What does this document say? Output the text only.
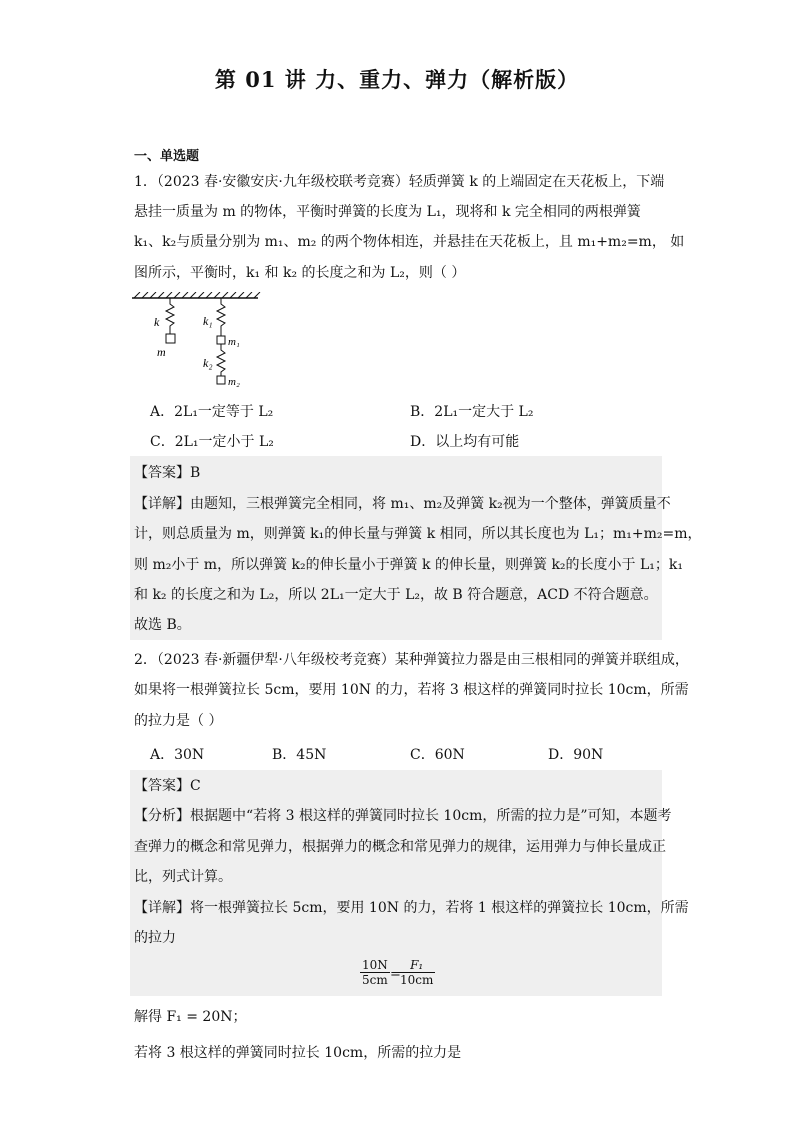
第 01 讲 力、重力、弹力（解析版）
一、单选题
1．（2023 春·安徽安庆·九年级校联考竞赛）轻质弹簧 k 的上端固定在天花板上，下端
悬挂一质量为 m 的物体，平衡时弹簧的长度为 L₁，现将和 k 完全相同的两根弹簧
k₁、k₂与质量分别为 m₁、m₂ 的两个物体相连，并悬挂在天花板上，且 m₁+m₂=m， 如
图所示，平衡时，k₁ 和 k₂ 的长度之和为 L₂，则（ ）
k
m
k₁
m₁
k₂
m₂
A．2L₁一定等于 L₂	B．2L₁一定大于 L₂
C．2L₁一定小于 L₂	D．以上均有可能
【答案】B
【详解】由题知，三根弹簧完全相同，将 m₁、m₂及弹簧 k₂视为一个整体，弹簧质量不
计，则总质量为 m，则弹簧 k₁的伸长量与弹簧 k 相同，所以其长度也为 L₁；m₁+m₂=m，
则 m₂小于 m，所以弹簧 k₂的伸长量小于弹簧 k 的伸长量，则弹簧 k₂的长度小于 L₁；k₁
和 k₂ 的长度之和为 L₂，所以 2L₁一定大于 L₂，故 B 符合题意，ACD 不符合题意。
故选 B。
2．（2023 春·新疆伊犁·八年级校考竞赛）某种弹簧拉力器是由三根相同的弹簧并联组成，
如果将一根弹簧拉长 5cm，要用 10N 的力，若将 3 根这样的弹簧同时拉长 10cm，所需
的拉力是（ ）
A．30N	B．45N	C．60N	D．90N
【答案】C
【分析】根据题中“若将 3 根这样的弹簧同时拉长 10cm，所需的拉力是”可知，本题考
查弹力的概念和常见弹力，根据弹力的概念和常见弹力的规律，运用弹力与伸长量成正
比，列式计算。
【详解】将一根弹簧拉长 5cm，要用 10N 的力，若将 1 根这样的弹簧拉长 10cm，所需
的拉力
$\frac{10N}{5cm}$ =
$\frac{\text{F₁}}{10cm}$
解得 F₁ = 20N；
若将 3 根这样的弹簧同时拉长 10cm，所需的拉力是
